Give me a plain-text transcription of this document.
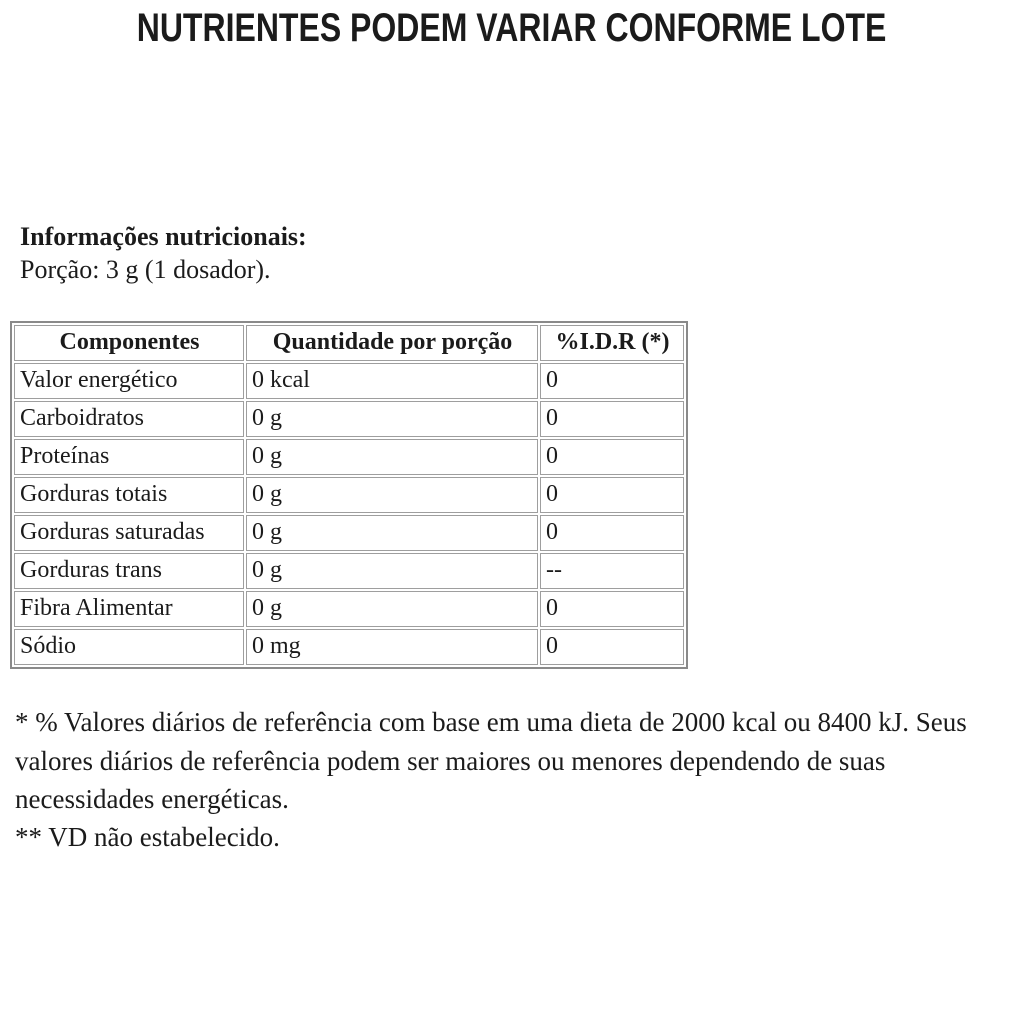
NUTRIENTES PODEM VARIAR CONFORME LOTE

Informações nutricionais:

Porção: 3 g (1 dosador).

Componentes	Quantidade por porção	%I.D.R (*)
Valor energético	0 kcal	0
Carboidratos	0 g	0
Proteínas	0 g	0
Gorduras totais	0 g	0
Gorduras saturadas	0 g	0
Gorduras trans	0 g	--
Fibra Alimentar	0 g	0
Sódio	0 mg	0

* % Valores diários de referência com base em uma dieta de 2000 kcal ou 8400 kJ. Seus valores diários de referência podem ser maiores ou menores dependendo de suas necessidades energéticas.

** VD não estabelecido.
